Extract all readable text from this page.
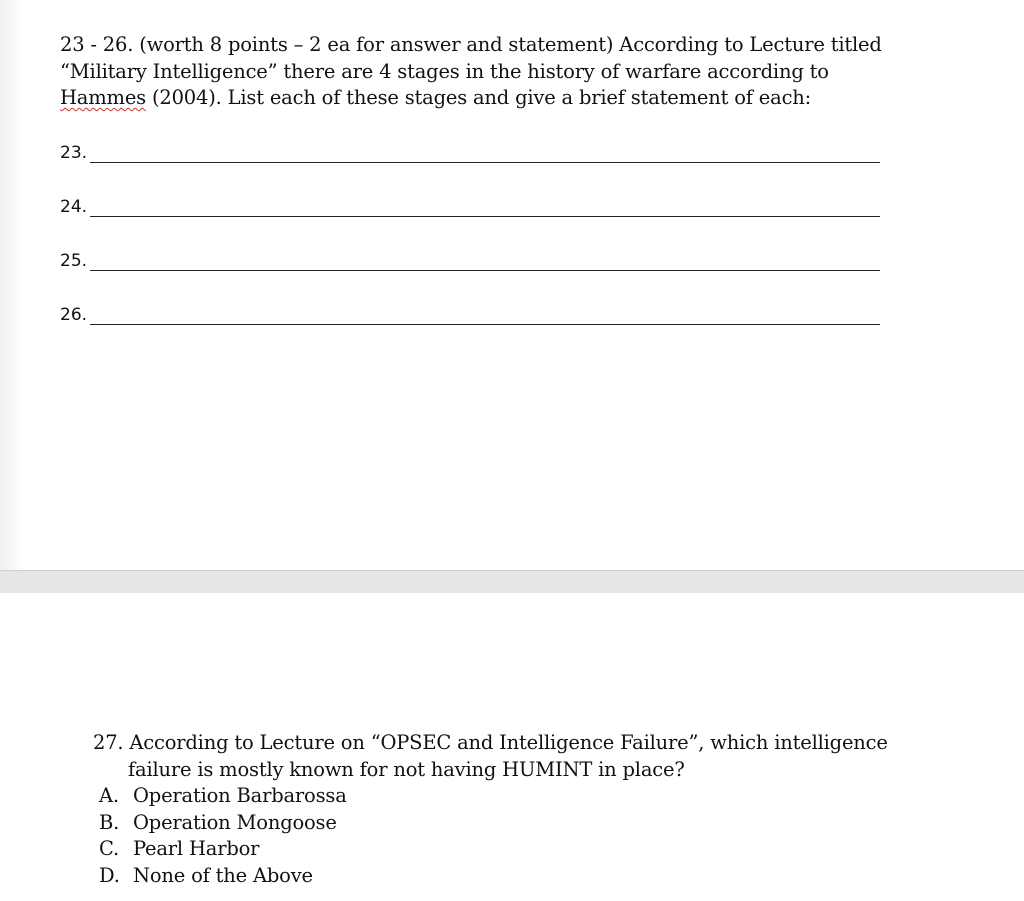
23 - 26. (worth 8 points – 2 ea for answer and statement) According to Lecture titled

“Military Intelligence” there are 4 stages in the history of warfare according to

Hammes (2004). List each of these stages and give a brief statement of each:

23.
24.
25.
26.

27. According to Lecture on “OPSEC and Intelligence Failure”, which intelligence

failure is mostly known for not having HUMINT in place?

A. Operation Barbarossa
B. Operation Mongoose
C. Pearl Harbor
D. None of the Above
